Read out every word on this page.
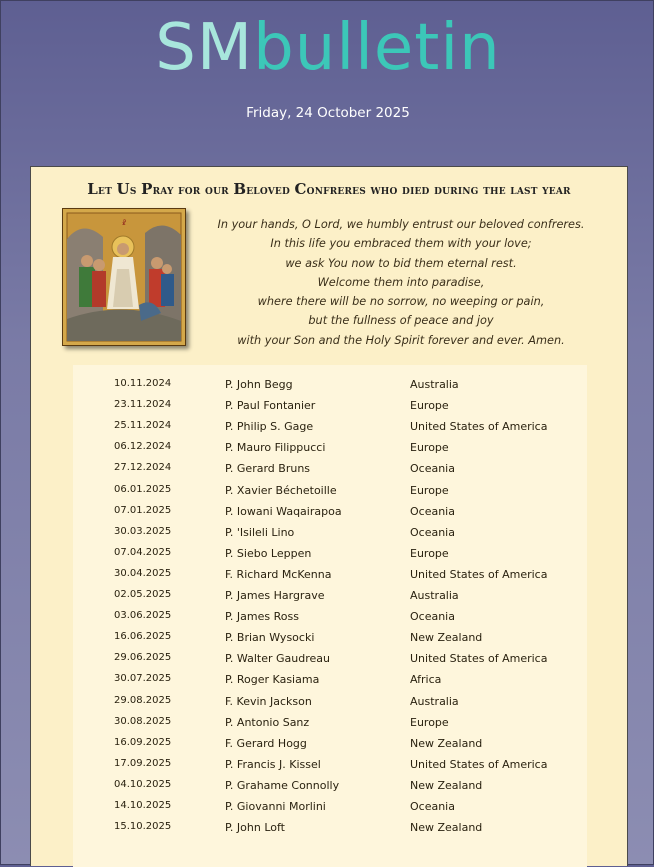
SMbulletin
Friday, 24 October 2025
Let Us Pray for our Beloved Confreres who died during the last year
☧	In your hands, O Lord, we humbly entrust our beloved confreres.
In this life you embraced them with your love;
we ask You now to bid them eternal rest.
Welcome them into paradise,
where there will be no sorrow, no weeping or pain,
but the fullness of peace and joy
with your Son and the Holy Spirit forever and ever. Amen.
10.11.2024	P. John Begg	Australia
23.11.2024	P. Paul Fontanier	Europe
25.11.2024	P. Philip S. Gage	United States of America
06.12.2024	P. Mauro Filippucci	Europe
27.12.2024	P. Gerard Bruns	Oceania
06.01.2025	P. Xavier Béchetoille	Europe
07.01.2025	P. Iowani Waqairapoa	Oceania
30.03.2025	P. 'Isileli Lino	Oceania
07.04.2025	P. Siebo Leppen	Europe
30.04.2025	F. Richard McKenna	United States of America
02.05.2025	P. James Hargrave	Australia
03.06.2025	P. James Ross	Oceania
16.06.2025	P. Brian Wysocki	New Zealand
29.06.2025	P. Walter Gaudreau	United States of America
30.07.2025	P. Roger Kasiama	Africa
29.08.2025	F. Kevin Jackson	Australia
30.08.2025	P. Antonio Sanz	Europe
16.09.2025	F. Gerard Hogg	New Zealand
17.09.2025	P. Francis J. Kissel	United States of America
04.10.2025	P. Grahame Connolly	New Zealand
14.10.2025	P. Giovanni Morlini	Oceania
15.10.2025	P. John Loft	New Zealand
